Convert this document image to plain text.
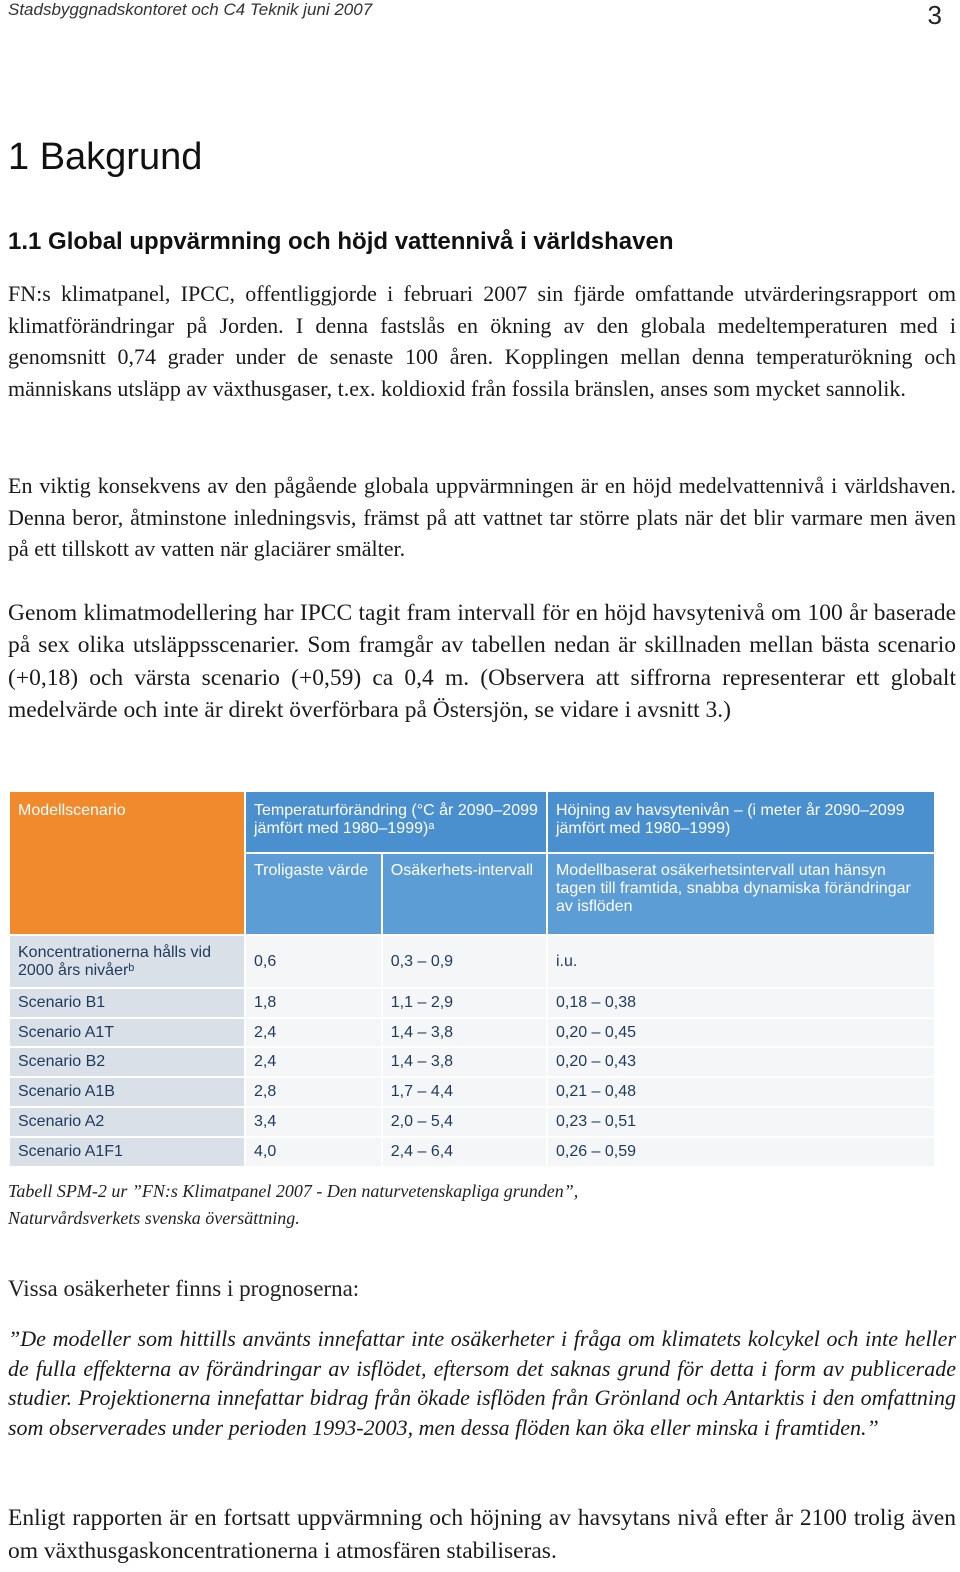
Stadsbyggnadskontoret och C4 Teknik juni 2007	3
1 Bakgrund
1.1 Global uppvärmning och höjd vattennivå i världshaven

FN:s klimatpanel, IPCC, offentliggjorde i februari 2007 sin fjärde omfattande utvärderingsrapport om klimatförändringar på Jorden. I denna fastslås en ökning av den globala medeltemperaturen med i genomsnitt 0,74 grader under de senaste 100 åren. Kopplingen mellan denna temperaturökning och människans utsläpp av växthusgaser, t.ex. koldioxid från fossila bränslen, anses som mycket sannolik.

En viktig konsekvens av den pågående globala uppvärmningen är en höjd medelvattennivå i världshaven. Denna beror, åtminstone inledningsvis, främst på att vattnet tar större plats när det blir varmare men även på ett tillskott av vatten när glaciärer smälter.

Genom klimatmodellering har IPCC tagit fram intervall för en höjd havsytenivå om 100 år baserade på sex olika utsläppsscenarier. Som framgår av tabellen nedan är skillnaden mellan bästa scenario (+0,18) och värsta scenario (+0,59) ca 0,4 m. (Observera att siffrorna representerar ett globalt medelvärde och inte är direkt överförbara på Östersjön, se vidare i avsnitt 3.)

Modellscenario	Temperaturförändring (°C år 2090–2099 jämfört med 1980–1999)ᵃ		Höjning av havsytenivån – (i meter år 2090–2099 jämfört med 1980–1999)
	Troligaste värde	Osäkerhets-intervall	Modellbaserat osäkerhetsintervall utan hänsyn tagen till framtida, snabba dynamiska förändringar av isflöden
Koncentrationerna hålls vid 2000 års nivåerᵇ	0,6	0,3 – 0,9	i.u.
Scenario B1	1,8	1,1 – 2,9	0,18 – 0,38
Scenario A1T	2,4	1,4 – 3,8	0,20 – 0,45
Scenario B2	2,4	1,4 – 3,8	0,20 – 0,43
Scenario A1B	2,8	1,7 – 4,4	0,21 – 0,48
Scenario A2	3,4	2,0 – 5,4	0,23 – 0,51
Scenario A1F1	4,0	2,4 – 6,4	0,26 – 0,59

Tabell SPM-2 ur ”FN:s Klimatpanel 2007 - Den naturvetenskapliga grunden”,
Naturvårdsverkets svenska översättning.

Vissa osäkerheter finns i prognoserna:

”De modeller som hittills använts innefattar inte osäkerheter i fråga om klimatets kolcykel och inte heller de fulla effekterna av förändringar av isflödet, eftersom det saknas grund för detta i form av publicerade studier. Projektionerna innefattar bidrag från ökade isflöden från Grönland och Antarktis i den omfattning som observerades under perioden 1993-2003, men dessa flöden kan öka eller minska i framtiden.”

Enligt rapporten är en fortsatt uppvärmning och höjning av havsytans nivå efter år 2100 trolig även om växthusgaskoncentrationerna i atmosfären stabiliseras.
